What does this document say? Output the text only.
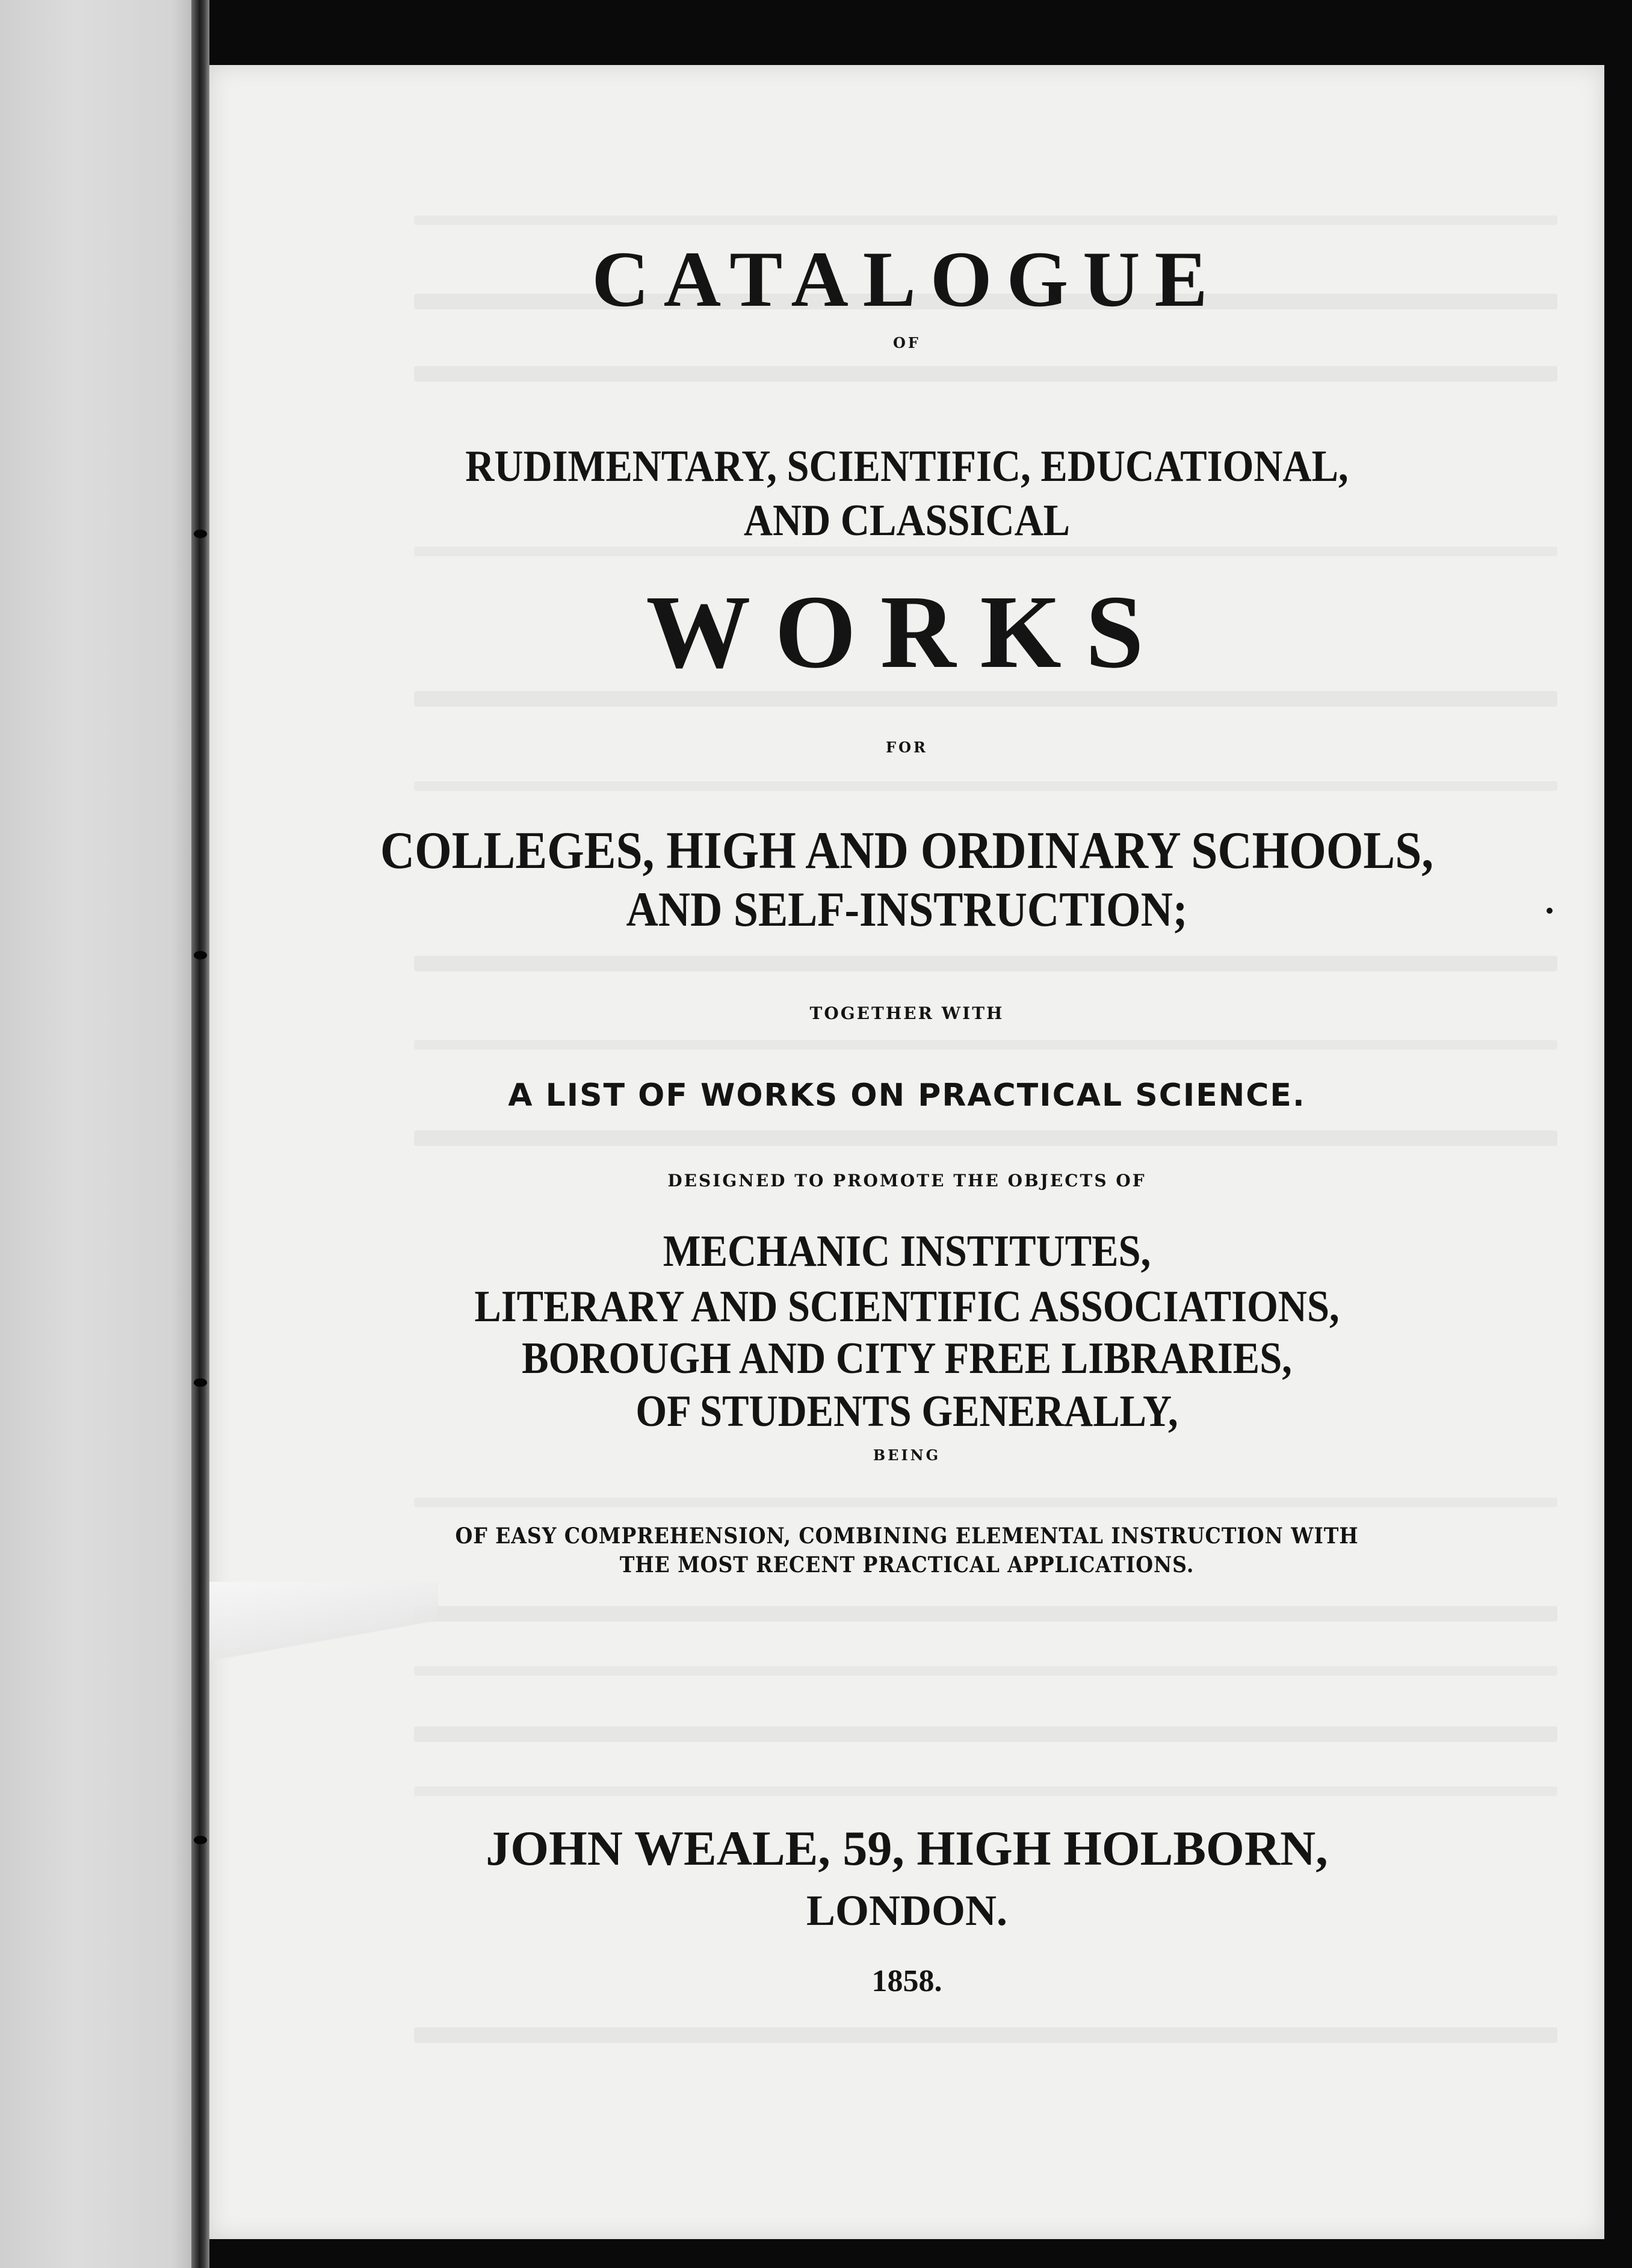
CATALOGUE
OF
RUDIMENTARY, SCIENTIFIC, EDUCATIONAL,
AND CLASSICAL
WORKS
FOR
COLLEGES, HIGH AND ORDINARY SCHOOLS,
AND SELF-INSTRUCTION;
TOGETHER WITH
A LIST OF WORKS ON PRACTICAL SCIENCE.
DESIGNED TO PROMOTE THE OBJECTS OF
MECHANIC INSTITUTES,
LITERARY AND SCIENTIFIC ASSOCIATIONS,
BOROUGH AND CITY FREE LIBRARIES,
OF STUDENTS GENERALLY,
BEING
OF EASY COMPREHENSION, COMBINING ELEMENTAL INSTRUCTION WITH
THE MOST RECENT PRACTICAL APPLICATIONS.
JOHN WEALE, 59, HIGH HOLBORN,
LONDON.
1858.
